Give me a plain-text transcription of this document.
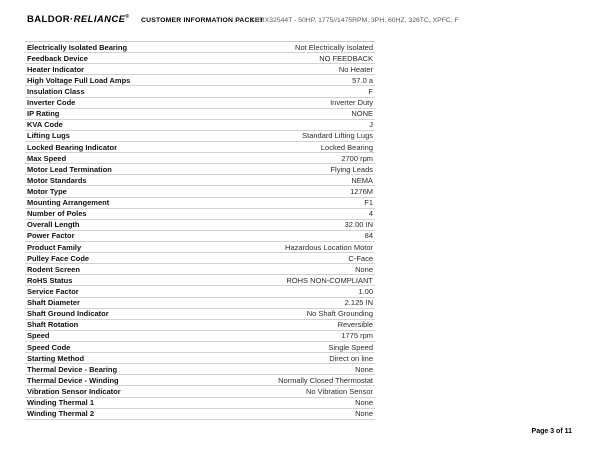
BALDOR·RELIANCE® CUSTOMER INFORMATION PACKET
CDRX32544T - 50HP, 1775//1475RPM, 3PH, 60HZ, 326TC, XPFC, F
Electrically Isolated Bearing	Not Electrically Isolated
Feedback Device	NO FEEDBACK
Heater Indicator	No Heater
High Voltage Full Load Amps	57.0 a
Insulation Class	F
Inverter Code	Inverter Duty
IP Rating	NONE
KVA Code	J
Lifting Lugs	Standard Lifting Lugs
Locked Bearing Indicator	Locked Bearing
Max Speed	2700 rpm
Motor Lead Termination	Flying Leads
Motor Standards	NEMA
Motor Type	1276M
Mounting Arrangement	F1
Number of Poles	4
Overall Length	32.00 IN
Power Factor	84
Product Family	Hazardous Location Motor
Pulley Face Code	C-Face
Rodent Screen	None
RoHS Status	ROHS NON-COMPLIANT
Service Factor	1.00
Shaft Diameter	2.125 IN
Shaft Ground Indicator	No Shaft Grounding
Shaft Rotation	Reversible
Speed	1775 rpm
Speed Code	Single Speed
Starting Method	Direct on line
Thermal Device - Bearing	None
Thermal Device - Winding	Normally Closed Thermostat
Vibration Sensor Indicator	No Vibration Sensor
Winding Thermal 1	None
Winding Thermal 2	None
Page 3 of 11
